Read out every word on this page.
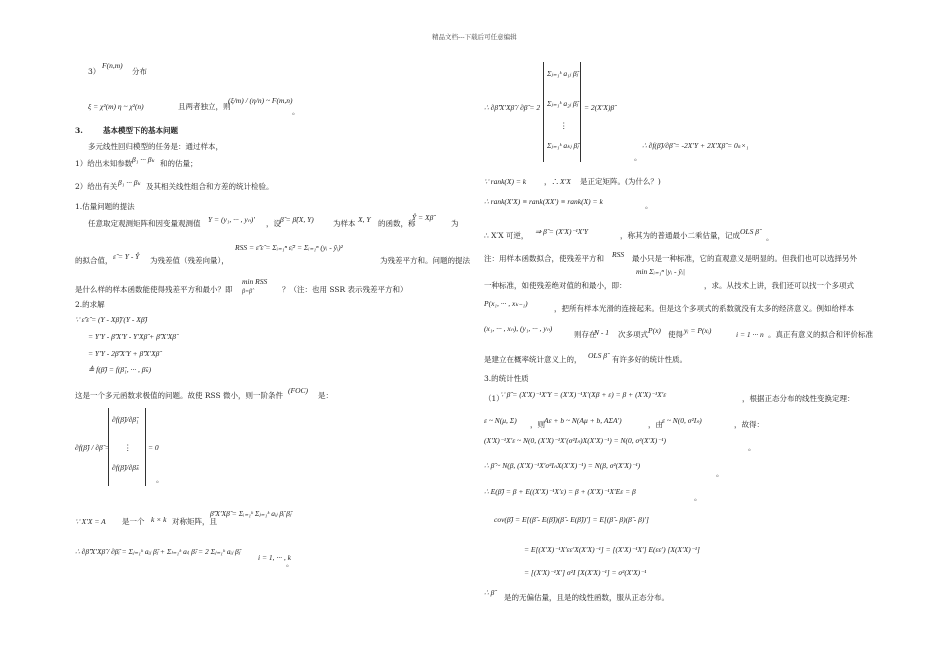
精品文档---下载后可任意编辑
3）
F(n,m)
分布
ξ = χ²(m) η ~ χ²(n)	且两者独立，则
(ξ/m) / (η/n) ~ F(m,n)
。
3.	基本模型下的基本问题
多元线性回归模型的任务是：通过样本，
1）给出未知参数 β₁ ··· βₖ 和的估量；
2）给出有关 β₁ ··· βₖ 及其相关线性组合和方差的统计检验。
1.估量问题的提法
任意取定观测矩阵和因变量观测值 Y = (y₁, ··· , yₙ)′ ，设 β̂ = β̂(X, Y)	为样本 X, Y 的函数，称
Ŷ = Xβ̂
为
的拟合值， ε̂ = Y - Ŷ 为残差值（残差向量），
RSS = ε̂′ε̂ = Σᵢ₌₁ⁿ ε̂ᵢ² = Σᵢ₌₁ⁿ (yᵢ - ŷᵢ)²
为残差平方和。问题的提法
是什么样的样本函数能使得残差平方和最小？即
min RSS
β=β̂	？（注：也用 SSR 表示残差平方和）
2.的求解
∵ ε̂′ε̂ = (Y - Xβ̂)′(Y - Xβ̂)
= Y′Y - β̂′X′Y - Y′Xβ̂ + β̂′X′Xβ̂
= Y′Y - 2β̂′X′Y + β̂′X′Xβ̂
≜ f(β̂) = f(β̂₁, ··· , β̂ₖ)
这是一个多元函数求极值的问题。故使 RSS 微小，则一阶条件
(FOC)
是：
∂f(β̂) / ∂β̂ =
∂f(β̂)/∂β̂₁
⋮
∂f(β̂)/∂β̂ₖ
= 0
。
∵ X′X = A 是一个 k × k 对称矩阵，且
β̂′X′Xβ̂ = Σᵢ₌₁ᵏ Σⱼ₌₁ᵏ aᵢⱼ β̂ᵢ β̂ⱼ
∴ ∂β̂′X′Xβ̂ / ∂β̂ᵢ = Σⱼ₌₁ᵏ aᵢⱼ β̂ⱼ + Σₗ₌₁ᵏ aₗᵢ β̂ₗ = 2 Σⱼ₌₁ᵏ aᵢⱼ β̂ⱼ
i = 1, ··· , k
。
Σⱼ₌₁ᵏ a₁ⱼ β̂ⱼ
∴ ∂β̂′X′Xβ̂ / ∂β̂ = 2 Σⱼ₌₁ᵏ a₂ⱼ β̂ⱼ
⋮
Σⱼ₌₁ᵏ aₖⱼ β̂ⱼ
= 2(X′X)β̂
。
∴ ∂f(β̂)/∂β̂ = -2X′Y + 2X′Xβ̂ = 0ₖ×₁
∵ rank(X) = k ，∴ X′X 是正定矩阵。(为什么？)
∴ rank(X′X) ≡ rank(XX′) ≡ rank(X) = k	。
∴ X′X 可逆， ⇒ β̂ = (X′X)⁻¹X′Y	，称其为的普通最小二乘估量，记成 OLS β̂
。
注：用样本函数拟合，使残差平方和 RSS 最小只是一种标准，它的直观意义是明显的。但我们也可以选择另外
min Σᵢ₌₁ⁿ |yᵢ - ŷᵢ|
一种标准，如使残差绝对值的和最小，即：	，求。从技术上讲，我们还可以找一个多项式
P(x₁, ··· , xₖ₋₁)
，把所有样本光滑的连接起来。但是这个多项式的系数就没有太多的经济意义。例如给样本
(x₁, ··· , xₙ), (y₁, ··· , yₙ)
则存在
N - 1 次多项式 P(x) 使得 yᵢ = P(xᵢ)	i = 1 ··· n 。真正有意义的拟合和评价标准
是建立在概率统计意义上的， OLS β̂ 有许多好的统计性质。
3.的统计性质
（1）
∵ β̂ = (X′X)⁻¹X′Y = (X′X)⁻¹X′(Xβ + ε) = β + (X′X)⁻¹X′ε	，根据正态分布的线性变换定理：
ε ~ N(μ, Σ) ，则 Aε + b ~ N(Aμ + b, AΣA′)	，由 ε ~ N(0, σ²Iₙ)	，故得：
(X′X)⁻¹X′ε ~ N(0, (X′X)⁻¹X′(σ²Iₙ)X(X′X)⁻¹) = N(0, σ²(X′X)⁻¹)
。
∴ β̂ ~ N(β, (X′X)⁻¹X′σ²IₙX(X′X)⁻¹) = N(β, σ²(X′X)⁻¹)
。
∴ E(β̂) = β + E((X′X)⁻¹X′ε) = β + (X′X)⁻¹X′Eε = β
。
cov(β̂) = E[(β̂ - E(β̂))(β̂ - E(β̂))′] = E[(β̂ - β)(β̂ - β)′]
= E[(X′X)⁻¹X′εε′X(X′X)⁻¹] = [(X′X)⁻¹X′] E(εε′) [X(X′X)⁻¹]
= [(X′X)⁻¹X′] σ²I [X(X′X)⁻¹] = σ²(X′X)⁻¹
∴ β̂
是的无偏估量，且是的线性函数，服从正态分布。
